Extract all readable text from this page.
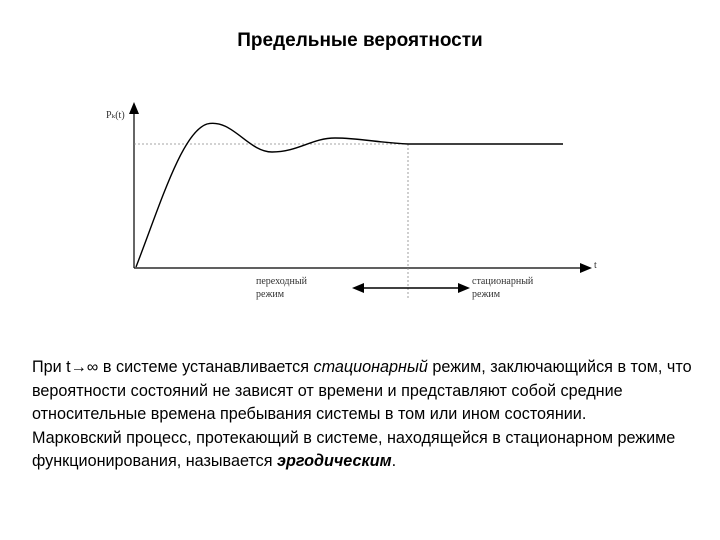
Предельные вероятности
Pₖ(t)
t
переходный
режим
стационарный
режим

При t→∞ в системе устанавливается стационарный режим, заключающийся в том, что вероятности состояний не зависят от времени и представляют собой средние относительные времена пребывания системы в том или ином состоянии.

Марковский процесс, протекающий в системе, находящейся в стационарном режиме функционирования, называется эргодическим.
